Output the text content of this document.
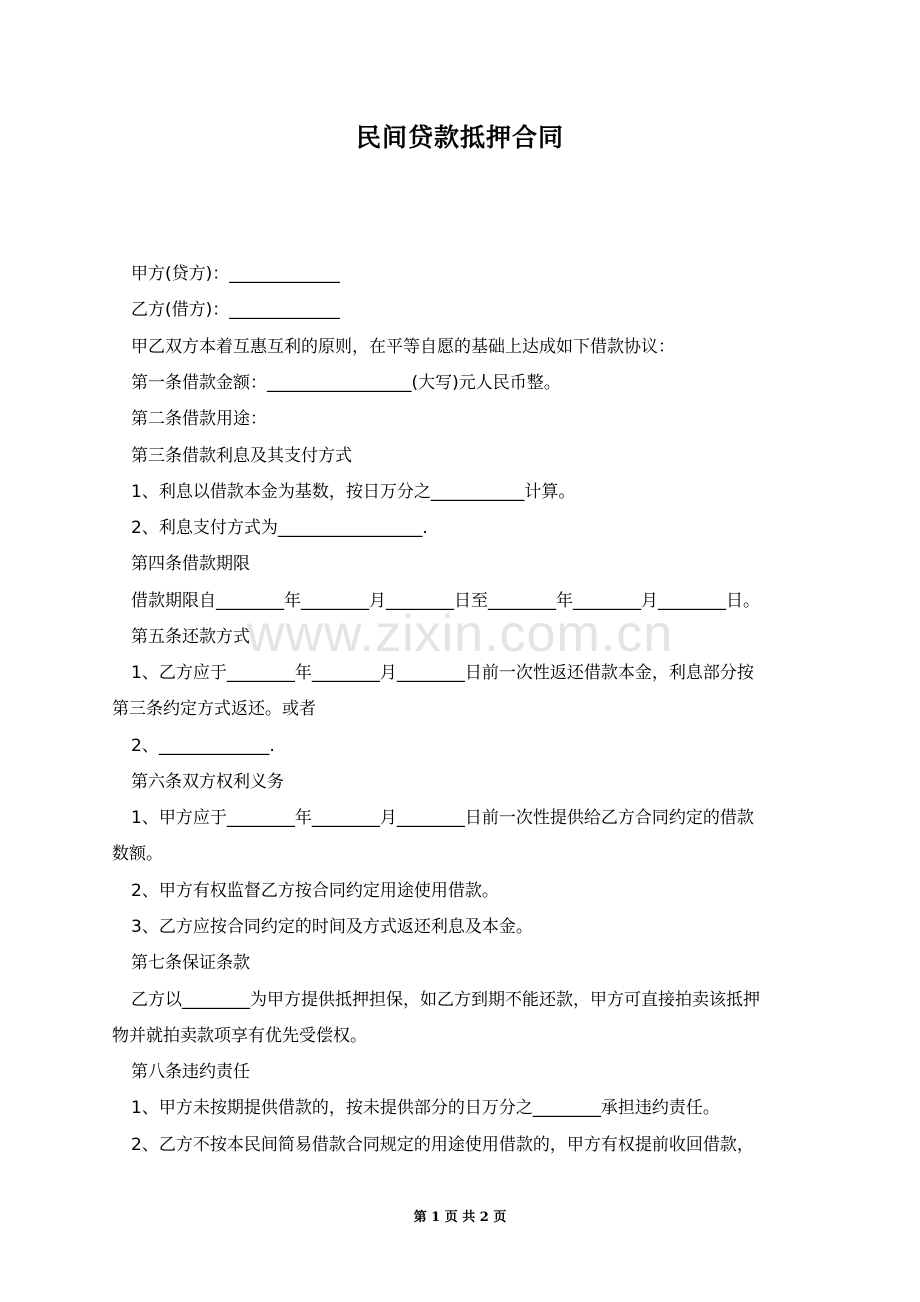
民间贷款抵押合同
甲方(贷方)：_____________
乙方(借方)：_____________
甲乙双方本着互惠互利的原则，在平等自愿的基础上达成如下借款协议：
第一条借款金额：_________________(大写)元人民币整。
第二条借款用途：
第三条借款利息及其支付方式
1、利息以借款本金为基数，按日万分之___________计算。
2、利息支付方式为_________________.
第四条借款期限
借款期限自________年________月________日至________年________月________日。
第五条还款方式
1、乙方应于________年________月________日前一次性返还借款本金，利息部分按
第三条约定方式返还。或者
2、_____________.
第六条双方权利义务
1、甲方应于________年________月________日前一次性提供给乙方合同约定的借款
数额。
2、甲方有权监督乙方按合同约定用途使用借款。
3、乙方应按合同约定的时间及方式返还利息及本金。
第七条保证条款
乙方以________为甲方提供抵押担保，如乙方到期不能还款，甲方可直接拍卖该抵押
物并就拍卖款项享有优先受偿权。
第八条违约责任
1、甲方未按期提供借款的，按未提供部分的日万分之________承担违约责任。
2、乙方不按本民间简易借款合同规定的用途使用借款的，甲方有权提前收回借款，
www.zixin.com.cn
第 1 页 共 2 页
